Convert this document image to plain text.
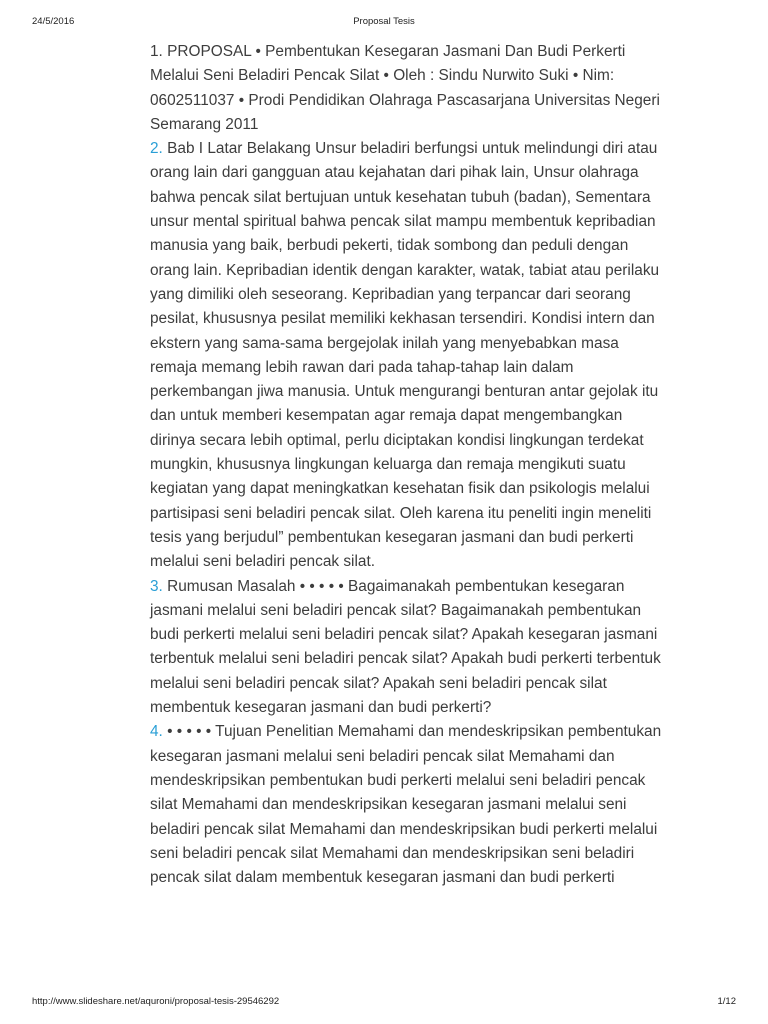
24/5/2016	Proposal Tesis

1. PROPOSAL • Pembentukan Kesegaran Jasmani Dan Budi Perkerti Melalui Seni Beladiri Pencak Silat • Oleh : Sindu Nurwito Suki • Nim: 0602511037 • Prodi Pendidikan Olahraga Pascasarjana Universitas Negeri Semarang 2011

2. Bab I Latar Belakang Unsur beladiri berfungsi untuk melindungi diri atau orang lain dari gangguan atau kejahatan dari pihak lain, Unsur olahraga bahwa pencak silat bertujuan untuk kesehatan tubuh (badan), Sementara unsur mental spiritual bahwa pencak silat mampu membentuk kepribadian manusia yang baik, berbudi pekerti, tidak sombong dan peduli dengan orang lain. Kepribadian identik dengan karakter, watak, tabiat atau perilaku yang dimiliki oleh seseorang. Kepribadian yang terpancar dari seorang pesilat, khususnya pesilat memiliki kekhasan tersendiri. Kondisi intern dan ekstern yang sama-sama bergejolak inilah yang menyebabkan masa remaja memang lebih rawan dari pada tahap-tahap lain dalam perkembangan jiwa manusia. Untuk mengurangi benturan antar gejolak itu dan untuk memberi kesempatan agar remaja dapat mengembangkan dirinya secara lebih optimal, perlu diciptakan kondisi lingkungan terdekat mungkin, khususnya lingkungan keluarga dan remaja mengikuti suatu kegiatan yang dapat meningkatkan kesehatan fisik dan psikologis melalui partisipasi seni beladiri pencak silat. Oleh karena itu peneliti ingin meneliti tesis yang berjudul” pembentukan kesegaran jasmani dan budi perkerti melalui seni beladiri pencak silat.

3. Rumusan Masalah • • • • • Bagaimanakah pembentukan kesegaran jasmani melalui seni beladiri pencak silat? Bagaimanakah pembentukan budi perkerti melalui seni beladiri pencak silat? Apakah kesegaran jasmani terbentuk melalui seni beladiri pencak silat? Apakah budi perkerti terbentuk melalui seni beladiri pencak silat? Apakah seni beladiri pencak silat membentuk kesegaran jasmani dan budi perkerti?

4. • • • • • Tujuan Penelitian Memahami dan mendeskripsikan pembentukan kesegaran jasmani melalui seni beladiri pencak silat Memahami dan mendeskripsikan pembentukan budi perkerti melalui seni beladiri pencak silat Memahami dan mendeskripsikan kesegaran jasmani melalui seni beladiri pencak silat Memahami dan mendeskripsikan budi perkerti melalui seni beladiri pencak silat Memahami dan mendeskripsikan seni beladiri pencak silat dalam membentuk kesegaran jasmani dan budi perkerti

http://www.slideshare.net/aquroni/proposal-tesis-29546292	1/12
